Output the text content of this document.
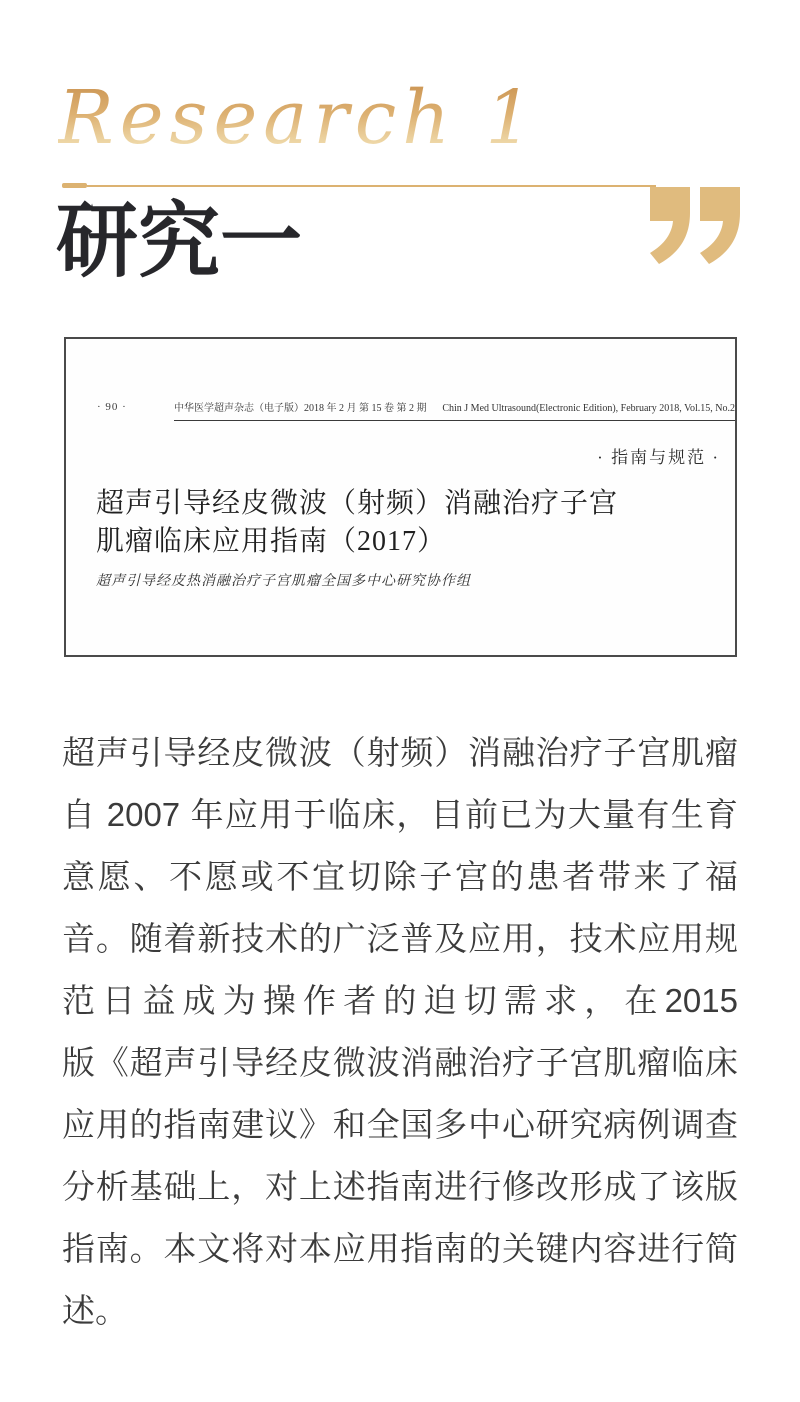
Research 1
研究一
· 90 ·	中华医学超声杂志（电子版）2018 年 2 月 第 15 卷 第 2 期 Chin J Med Ultrasound(Electronic Edition), February 2018, Vol.15, No.2
· 指南与规范 ·
超声引导经皮微波（射频）消融治疗子宫
肌瘤临床应用指南（2017）
超声引导经皮热消融治疗子宫肌瘤全国多中心研究协作组
超声引导经皮微波（射频）消融治疗子宫肌瘤
自 2007 年应用于临床，目前已为大量有生育
意愿、不愿或不宜切除子宫的患者带来了福
音。随着新技术的广泛普及应用，技术应用规
范日益成为操作者的迫切需求，在2015
版《超声引导经皮微波消融治疗子宫肌瘤临床
应用的指南建议》和全国多中心研究病例调查
分析基础上，对上述指南进行修改形成了该版
指南。本文将对本应用指南的关键内容进行简
述。
